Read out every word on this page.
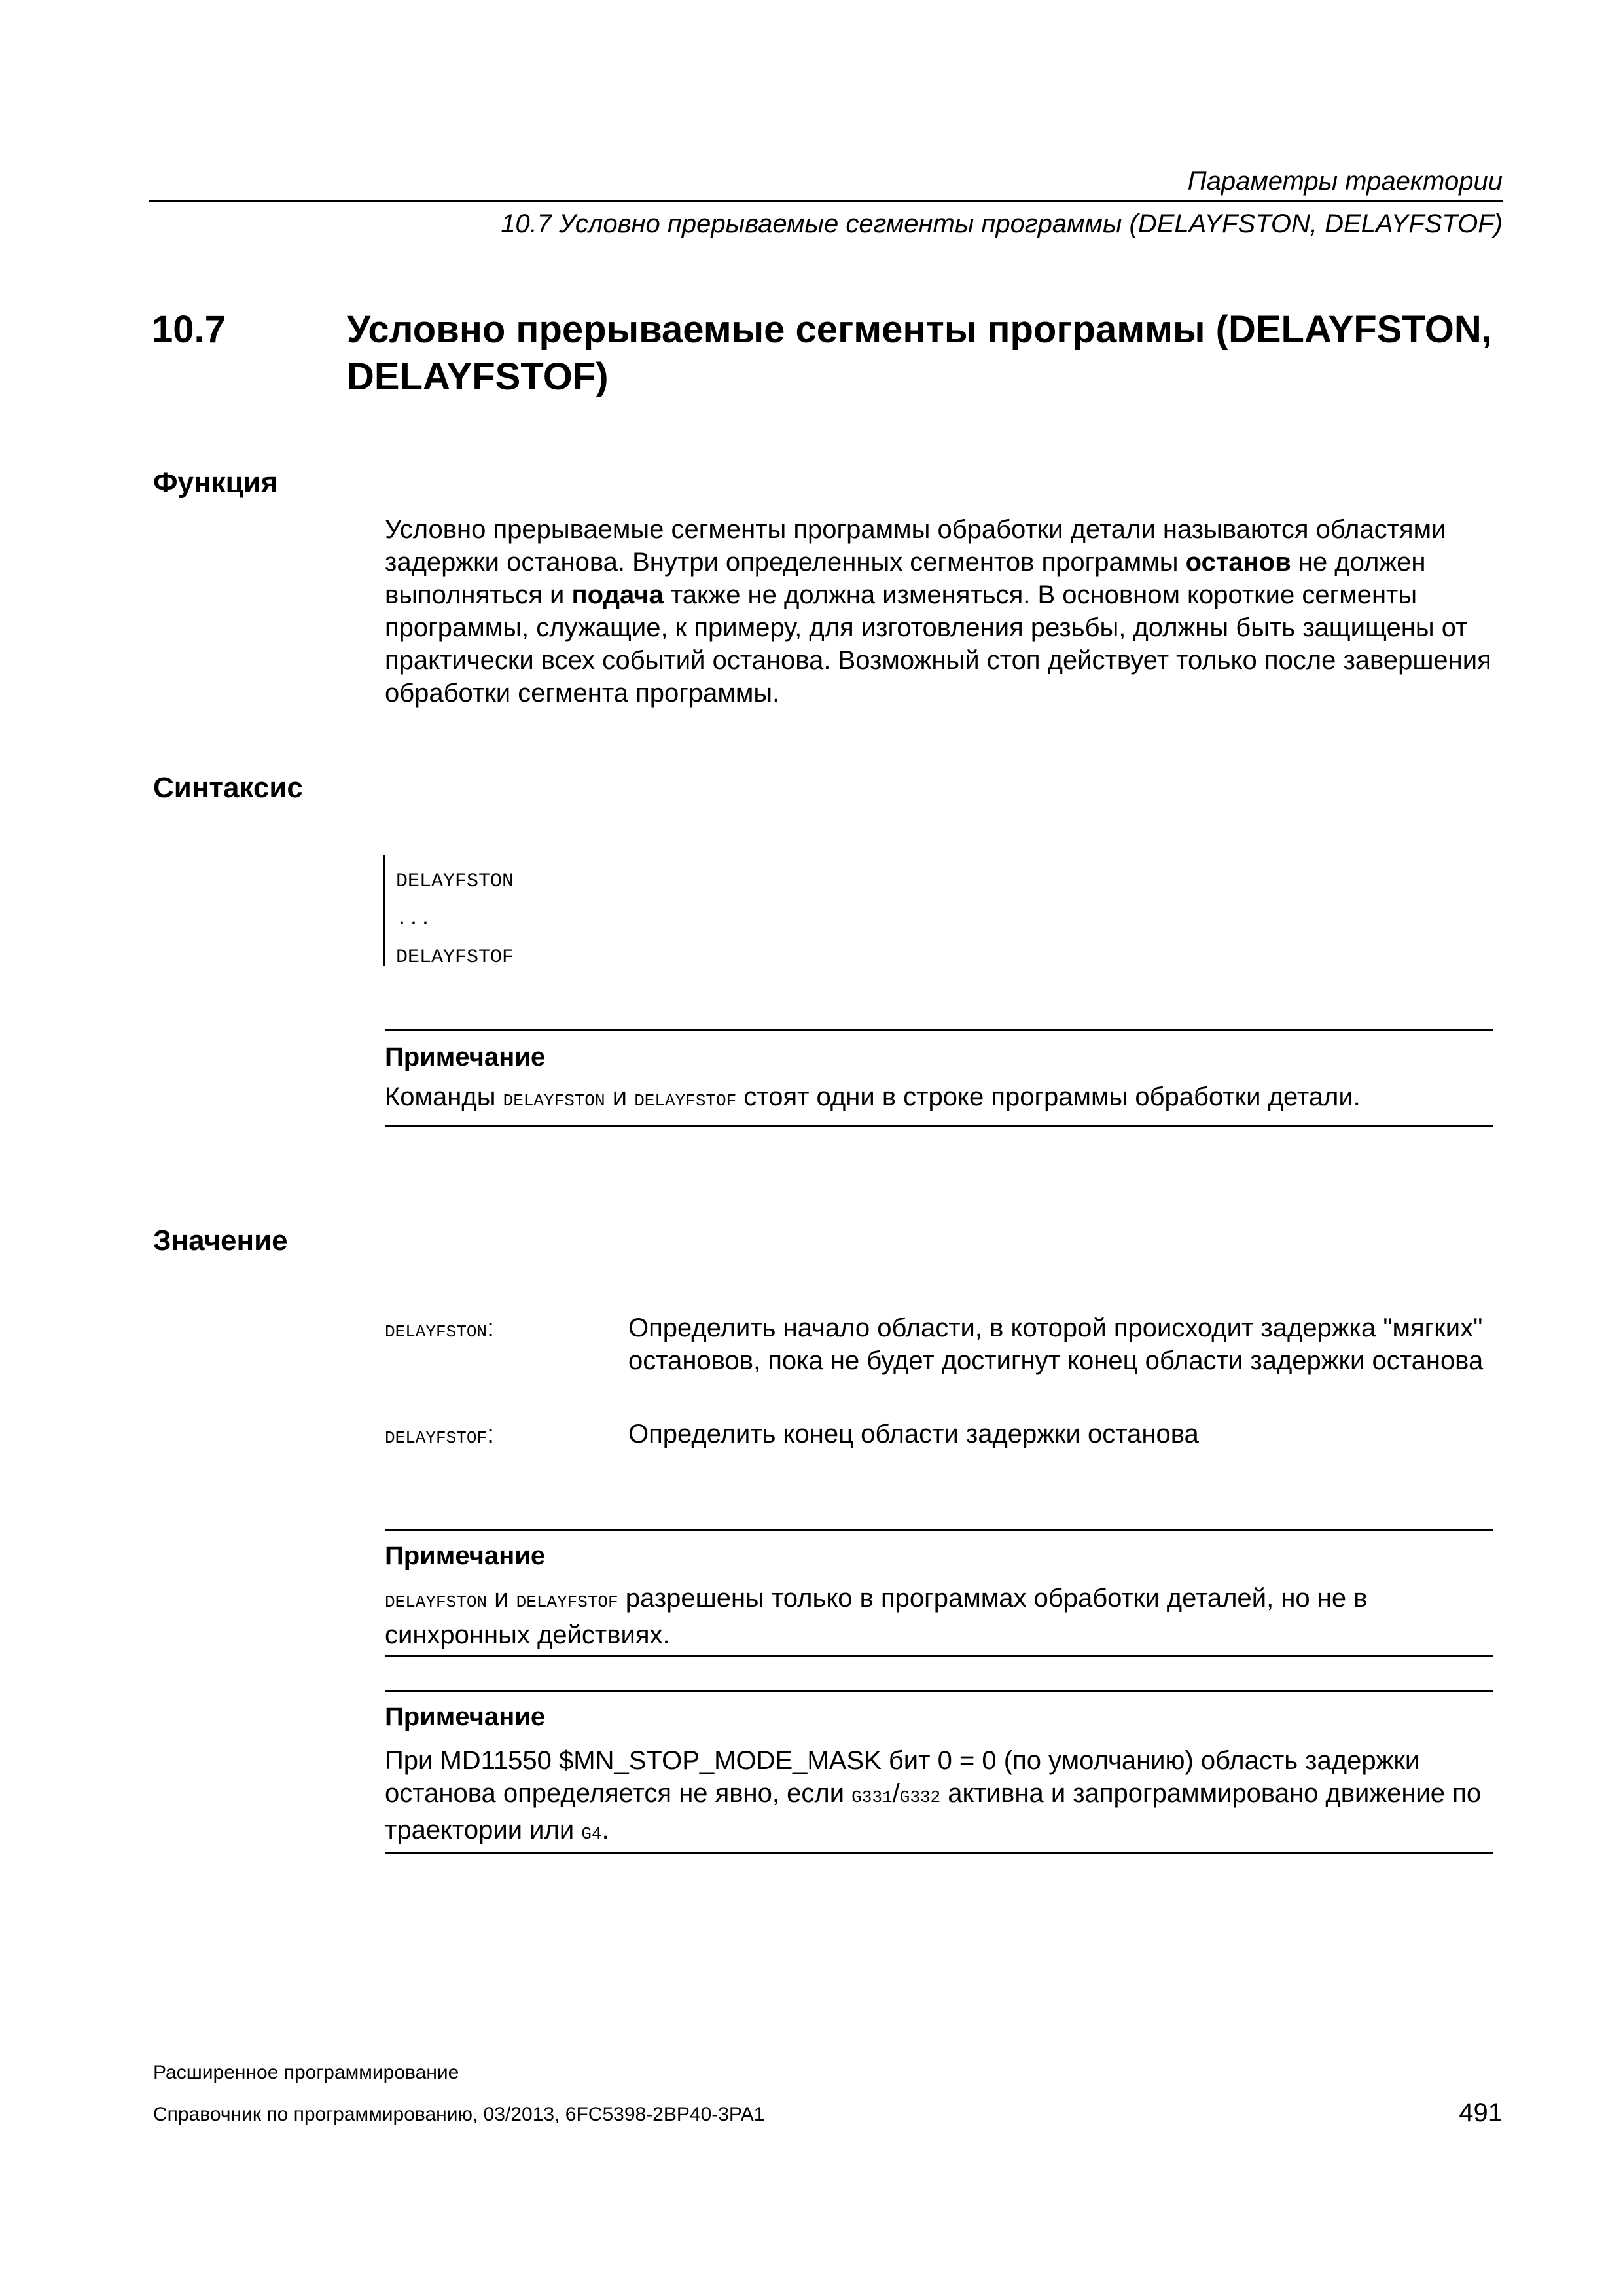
Параметры траектории
10.7 Условно прерываемые сегменты программы (DELAYFSTON, DELAYFSTOF)
10.7	Условно прерываемые сегменты программы (DELAYFSTON, DELAYFSTOF)
Функция

Условно прерываемые сегменты программы обработки детали называются областями задержки останова. Внутри определенных сегментов программы останов не должен выполняться и подача также не должна изменяться. В основном короткие сегменты программы, служащие, к примеру, для изготовления резьбы, должны быть защищены от практически всех событий останова. Возможный стоп действует только после завершения обработки сегмента программы.

Синтаксис
DELAYFSTON
...
DELAYFSTOF

Примечание

Команды DELAYFSTON и DELAYFSTOF стоят одни в строке программы обработки детали.

Значение
DELAYFSTON:	Определить начало области, в которой происходит задержка "мягких" остановов, пока не будет достигнут конец области задержки останова

DELAYFSTOF:	Определить конец области задержки останова

Примечание

DELAYFSTON и DELAYFSTOF разрешены только в программах обработки деталей, но не в синхронных действиях.

Примечание

При MD11550 $MN_STOP_MODE_MASK бит 0 = 0 (по умолчанию) область задержки останова определяется не явно, если G331/G332 активна и запрограммировано движение по траектории или G4.

Расширенное программирование
Справочник по программированию, 03/2013, 6FC5398-2BP40-3PA1	491
